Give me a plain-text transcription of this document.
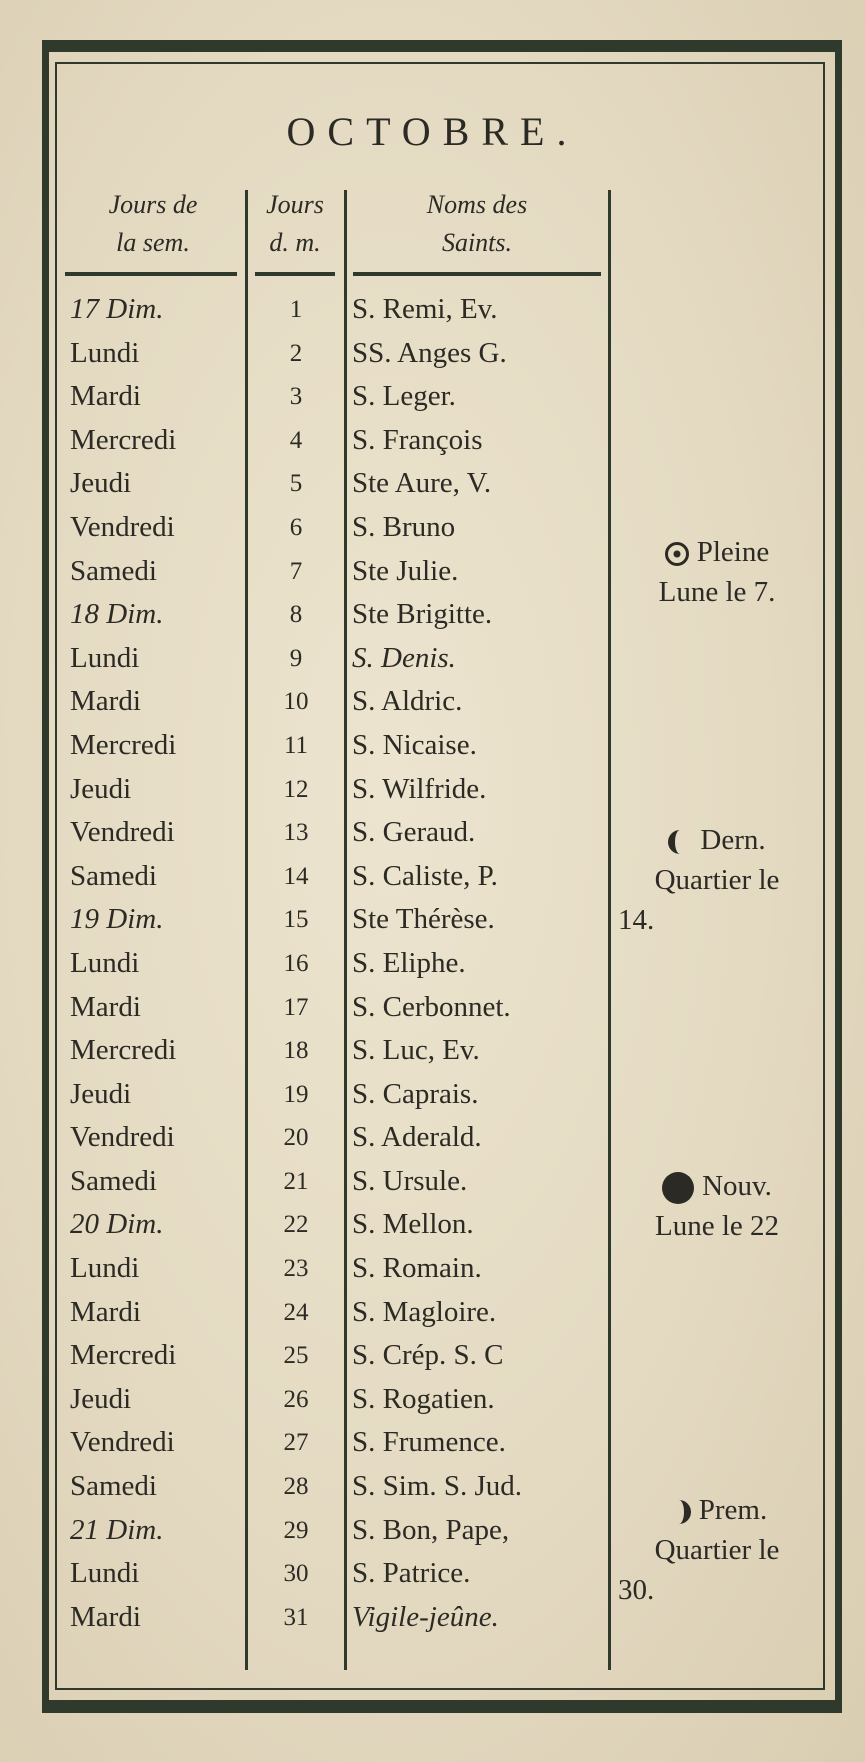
OCTOBRE.
Jours de
la sem.
Jours
d. m.
Noms des
Saints.
17 Dim.	1	S. Remi, Ev.
Lundi	2	SS. Anges G.
Mardi	3	S. Leger.
Mercredi	4	S. François
Jeudi	5	Ste Aure, V.
Vendredi	6	S. Bruno
Samedi	7	Ste Julie.
18 Dim.	8	Ste Brigitte.
Lundi	9	S. Denis.
Mardi	10	S. Aldric.
Mercredi	11	S. Nicaise.
Jeudi	12	S. Wilfride.
Vendredi	13	S. Geraud.
Samedi	14	S. Caliste, P.
19 Dim.	15	Ste Thérèse.
Lundi	16	S. Eliphe.
Mardi	17	S. Cerbonnet.
Mercredi	18	S. Luc, Ev.
Jeudi	19	S. Caprais.
Vendredi	20	S. Aderald.
Samedi	21	S. Ursule.
20 Dim.	22	S. Mellon.
Lundi	23	S. Romain.
Mardi	24	S. Magloire.
Mercredi	25	S. Crép. S. C
Jeudi	26	S. Rogatien.
Vendredi	27	S. Frumence.
Samedi	28	S. Sim. S. Jud.
21 Dim.	29	S. Bon, Pape,
Lundi	30	S. Patrice.
Mardi	31	Vigile-jeûne.
Pleine
Lune le 7.
Dern.
Quartier le
14.
Nouv.
Lune le 22
Prem.
Quartier le
30.
